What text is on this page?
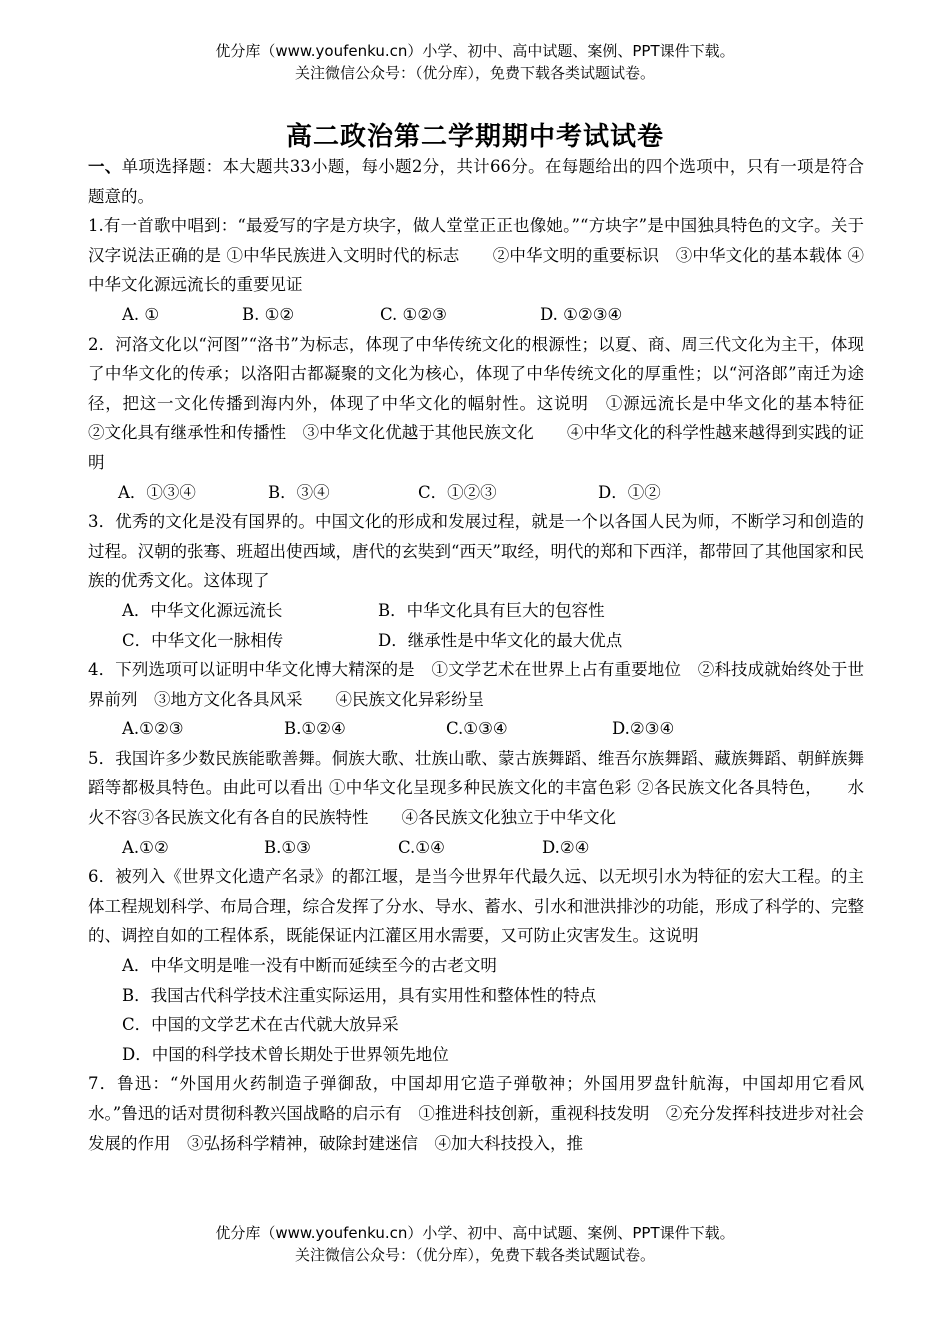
优分库（www.youfenku.cn）小学、初中、高中试题、案例、PPT课件下载。
关注微信公众号：（优分库），免费下载各类试题试卷。
高二政治第二学期期中考试试卷

一、单项选择题：本大题共33小题，每小题2分，共计66分。在每题给出的四个选项中，只有一项是符合题意的。

1.有一首歌中唱到：“最爱写的字是方块字，做人堂堂正正也像她。”“方块字”是中国独具特色的文字。关于汉字说法正确的是 ①中华民族进入文明时代的标志　　②中华文明的重要标识　③中华文化的基本载体 ④中华文化源远流长的重要见证

A. ①	B. ①②	C. ①②③	D. ①②③④

2．河洛文化以“河图”“洛书”为标志，体现了中华传统文化的根源性；以夏、商、周三代文化为主干，体现了中华文化的传承；以洛阳古都凝聚的文化为核心，体现了中华传统文化的厚重性；以“河洛郎”南迁为途径，把这一文化传播到海内外，体现了中华文化的幅射性。这说明　①源远流长是中华文化的基本特征　　②文化具有继承性和传播性　③中华文化优越于其他民族文化　　④中华文化的科学性越来越得到实践的证明

A．①③④	B．③④	C．①②③	D．①②

3．优秀的文化是没有国界的。中国文化的形成和发展过程，就是一个以各国人民为师，不断学习和创造的过程。汉朝的张骞、班超出使西域，唐代的玄奘到“西天”取经，明代的郑和下西洋，都带回了其他国家和民族的优秀文化。这体现了

A．中华文化源远流长	B．中华文化具有巨大的包容性

C．中华文化一脉相传	D．继承性是中华文化的最大优点

4．下列选项可以证明中华文化博大精深的是　①文学艺术在世界上占有重要地位　②科技成就始终处于世界前列　③地方文化各具风采　　④民族文化异彩纷呈

A.①②③	B.①②④	C.①③④	D.②③④

5．我国许多少数民族能歌善舞。侗族大歌、壮族山歌、蒙古族舞蹈、维吾尔族舞蹈、藏族舞蹈、朝鲜族舞蹈等都极具特色。由此可以看出 ①中华文化呈现多种民族文化的丰富色彩 ②各民族文化各具特色，　　水火不容③各民族文化有各自的民族特性　　④各民族文化独立于中华文化

A.①②	B.①③	C.①④	D.②④

6．被列入《世界文化遗产名录》的都江堰，是当今世界年代最久远、以无坝引水为特征的宏大工程。的主体工程规划科学、布局合理，综合发挥了分水、导水、蓄水、引水和泄洪排沙的功能，形成了科学的、完整的、调控自如的工程体系，既能保证内江灌区用水需要，又可防止灾害发生。这说明

A．中华文明是唯一没有中断而延续至今的古老文明

B．我国古代科学技术注重实际运用，具有实用性和整体性的特点

C．中国的文学艺术在古代就大放异采

D．中国的科学技术曾长期处于世界领先地位

7．鲁迅：“外国用火药制造子弹御敌，中国却用它造子弹敬神；外国用罗盘针航海，中国却用它看风水。”鲁迅的话对贯彻科教兴国战略的启示有　①推进科技创新，重视科技发明　②充分发挥科技进步对社会发展的作用　③弘扬科学精神，破除封建迷信　④加大科技投入，推

优分库（www.youfenku.cn）小学、初中、高中试题、案例、PPT课件下载。
关注微信公众号：（优分库），免费下载各类试题试卷。
